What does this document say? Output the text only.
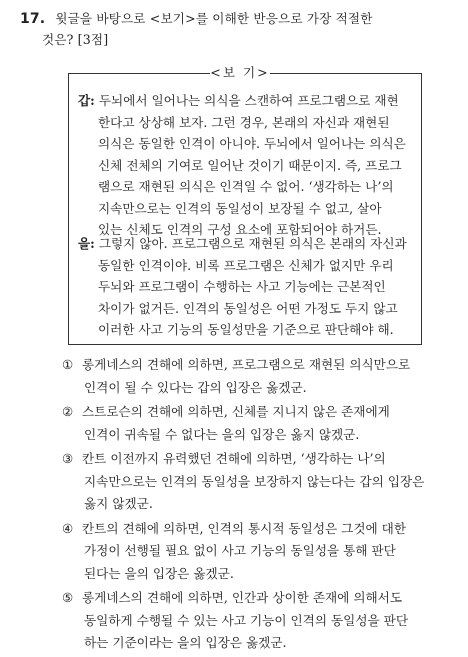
17. 윗글을 바탕으로 <보기>를 이해한 반응으로 가장 적절한
것은? [3점]
<보 기>
갑: 두뇌에서 일어나는 의식을 스캔하여 프로그램으로 재현
한다고 상상해 보자. 그런 경우, 본래의 자신과 재현된
의식은 동일한 인격이 아니야. 두뇌에서 일어나는 의식은
신체 전체의 기여로 일어난 것이기 때문이지. 즉, 프로그
램으로 재현된 의식은 인격일 수 없어. ‘생각하는 나’의
지속만으로는 인격의 동일성이 보장될 수 없고, 살아
있는 신체도 인격의 구성 요소에 포함되어야 하거든.
을: 그렇지 않아. 프로그램으로 재현된 의식은 본래의 자신과
동일한 인격이야. 비록 프로그램은 신체가 없지만 우리
두뇌와 프로그램이 수행하는 사고 기능에는 근본적인
차이가 없거든. 인격의 동일성은 어떤 가정도 두지 않고
이러한 사고 기능의 동일성만을 기준으로 판단해야 해.
① 롱게네스의 견해에 의하면, 프로그램으로 재현된 의식만으로
인격이 될 수 있다는 갑의 입장은 옳겠군.
② 스트로슨의 견해에 의하면, 신체를 지니지 않은 존재에게
인격이 귀속될 수 없다는 을의 입장은 옳지 않겠군.
③ 칸트 이전까지 유력했던 견해에 의하면, ‘생각하는 나’의
지속만으로는 인격의 동일성을 보장하지 않는다는 갑의 입장은
옳지 않겠군.
④ 칸트의 견해에 의하면, 인격의 통시적 동일성은 그것에 대한
가정이 선행될 필요 없이 사고 기능의 동일성을 통해 판단
된다는 을의 입장은 옳겠군.
⑤ 롱게네스의 견해에 의하면, 인간과 상이한 존재에 의해서도
동일하게 수행될 수 있는 사고 기능이 인격의 동일성을 판단
하는 기준이라는 을의 입장은 옳겠군.
